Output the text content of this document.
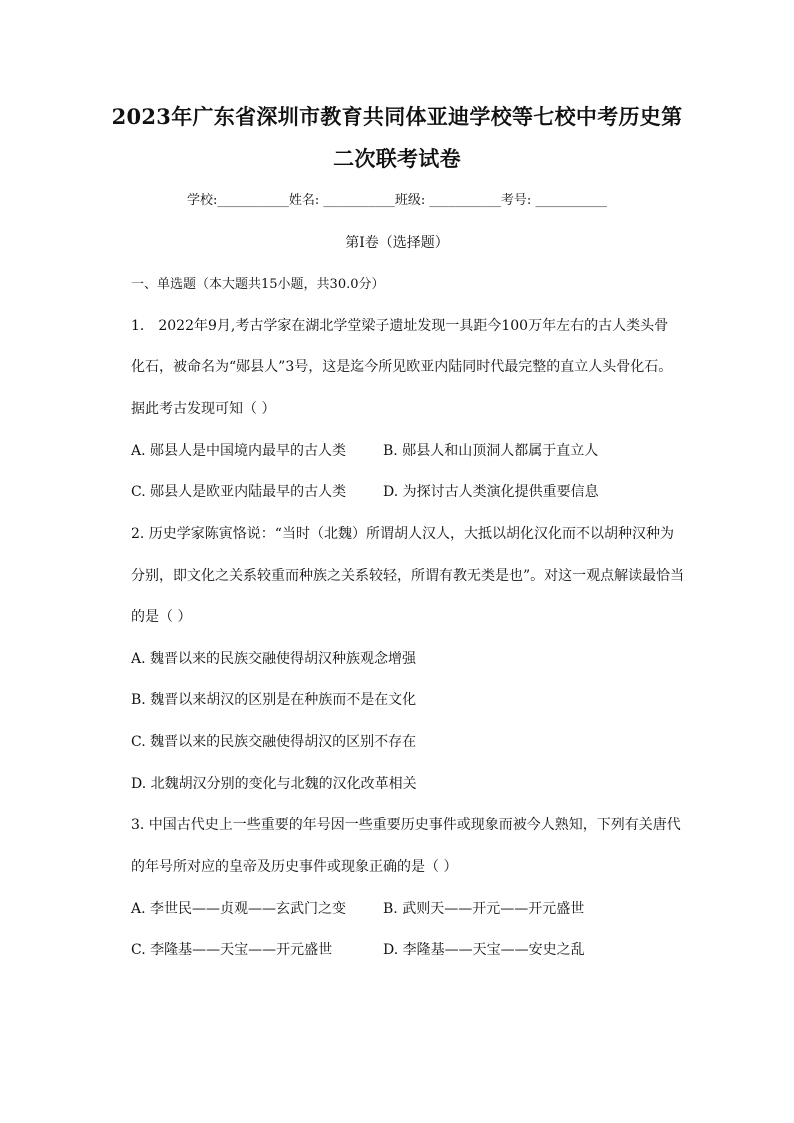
2023年广东省深圳市教育共同体亚迪学校等七校中考历史第
二次联考试卷
学校:___________姓名: ___________班级: ___________考号: ___________
第Ⅰ卷（选择题）
一、单选题（本大题共15小题，共30.0分）
1． 2022年9月,考古学家在湖北学堂梁子遗址发现一具距今100万年左右的古人类头骨
化石，被命名为“郧县人”3号，这是迄今所见欧亚内陆同时代最完整的直立人头骨化石。
据此考古发现可知（ ）
A. 郧县人是中国境内最早的古人类	B. 郧县人和山顶洞人都属于直立人
C. 郧县人是欧亚内陆最早的古人类	D. 为探讨古人类演化提供重要信息
2. 历史学家陈寅恪说：“当时（北魏）所谓胡人汉人，大抵以胡化汉化而不以胡种汉种为
分别，即文化之关系较重而种族之关系较轻，所谓有教无类是也”。对这一观点解读最恰当
的是（ ）
A. 魏晋以来的民族交融使得胡汉种族观念增强
B. 魏晋以来胡汉的区别是在种族而不是在文化
C. 魏晋以来的民族交融使得胡汉的区别不存在
D. 北魏胡汉分别的变化与北魏的汉化改革相关
3. 中国古代史上一些重要的年号因一些重要历史事件或现象而被今人熟知，下列有关唐代
的年号所对应的皇帝及历史事件或现象正确的是（ ）
A. 李世民——贞观——玄武门之变	B. 武则天——开元——开元盛世
C. 李隆基——天宝——开元盛世	D. 李隆基——天宝——安史之乱
